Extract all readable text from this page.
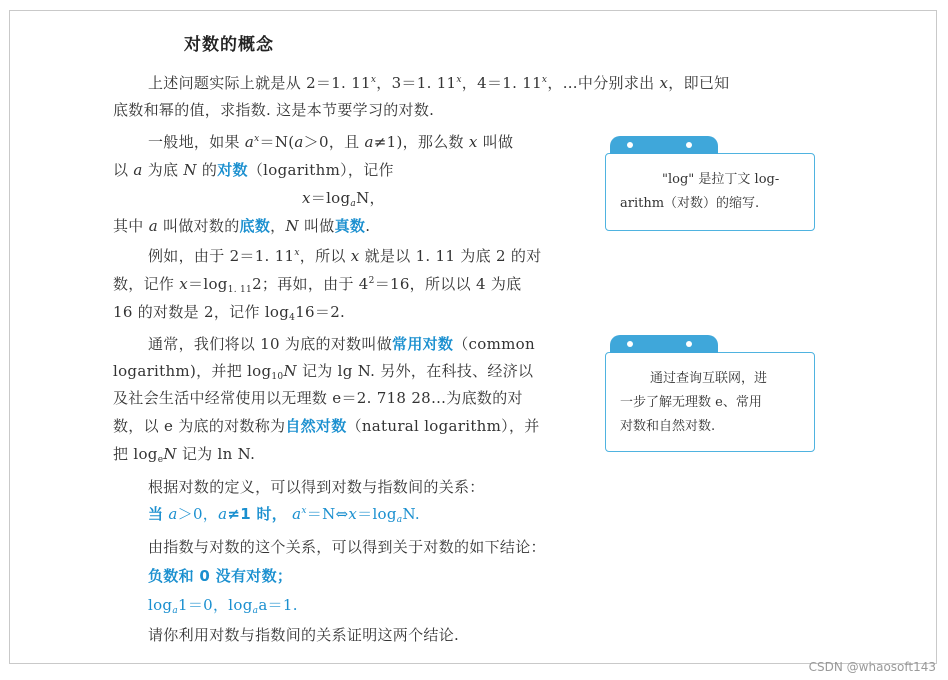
对数的概念
上述问题实际上就是从 2＝1. 11$^x$，3＝1. 11$^x$，4＝1. 11$^x$，…中分别求出 x，即已知
底数和幂的值，求指数. 这是本节要学习的对数.
一般地，如果 $a^x=N(a>0$，且 a≠1)，那么数 x 叫做
以 a 为底 N 的对数（logarithm），记作
$x=\log_aN$，
其中 a 叫做对数的底数，N 叫做真数.
例如，由于 2＝1. 11$^x$，所以 x 就是以 1. 11 为底 2 的对
数，记作 $x=\log_{1. 11}2$；再如，由于 $4^2=16$，所以以 4 为底
16 的对数是 2，记作 $\log_416=2$.
通常，我们将以 10 为底的对数叫做常用对数（common
logarithm)，并把 $\log_{10}N$ 记为 lg N. 另外，在科技、经济以
及社会生活中经常使用以无理数 e＝2. 718 28…为底数的对
数，以 e 为底的对数称为自然对数（natural logarithm），并
把 $\log_eN$ 记为 ln N.
根据对数的定义，可以得到对数与指数间的关系：
当 a＞0，a≠1 时， $a^x=N\Leftrightarrow x=\log_aN$.
由指数与对数的这个关系，可以得到关于对数的如下结论：
负数和 0 没有对数；
$\log_a1=0$，$\log_aa=1$.
请你利用对数与指数间的关系证明这两个结论.
"log" 是拉丁文 log-
arithm（对数）的缩写.
通过查询互联网，进
一步了解无理数 e、常用
对数和自然对数.
CSDN @whaosoft143
